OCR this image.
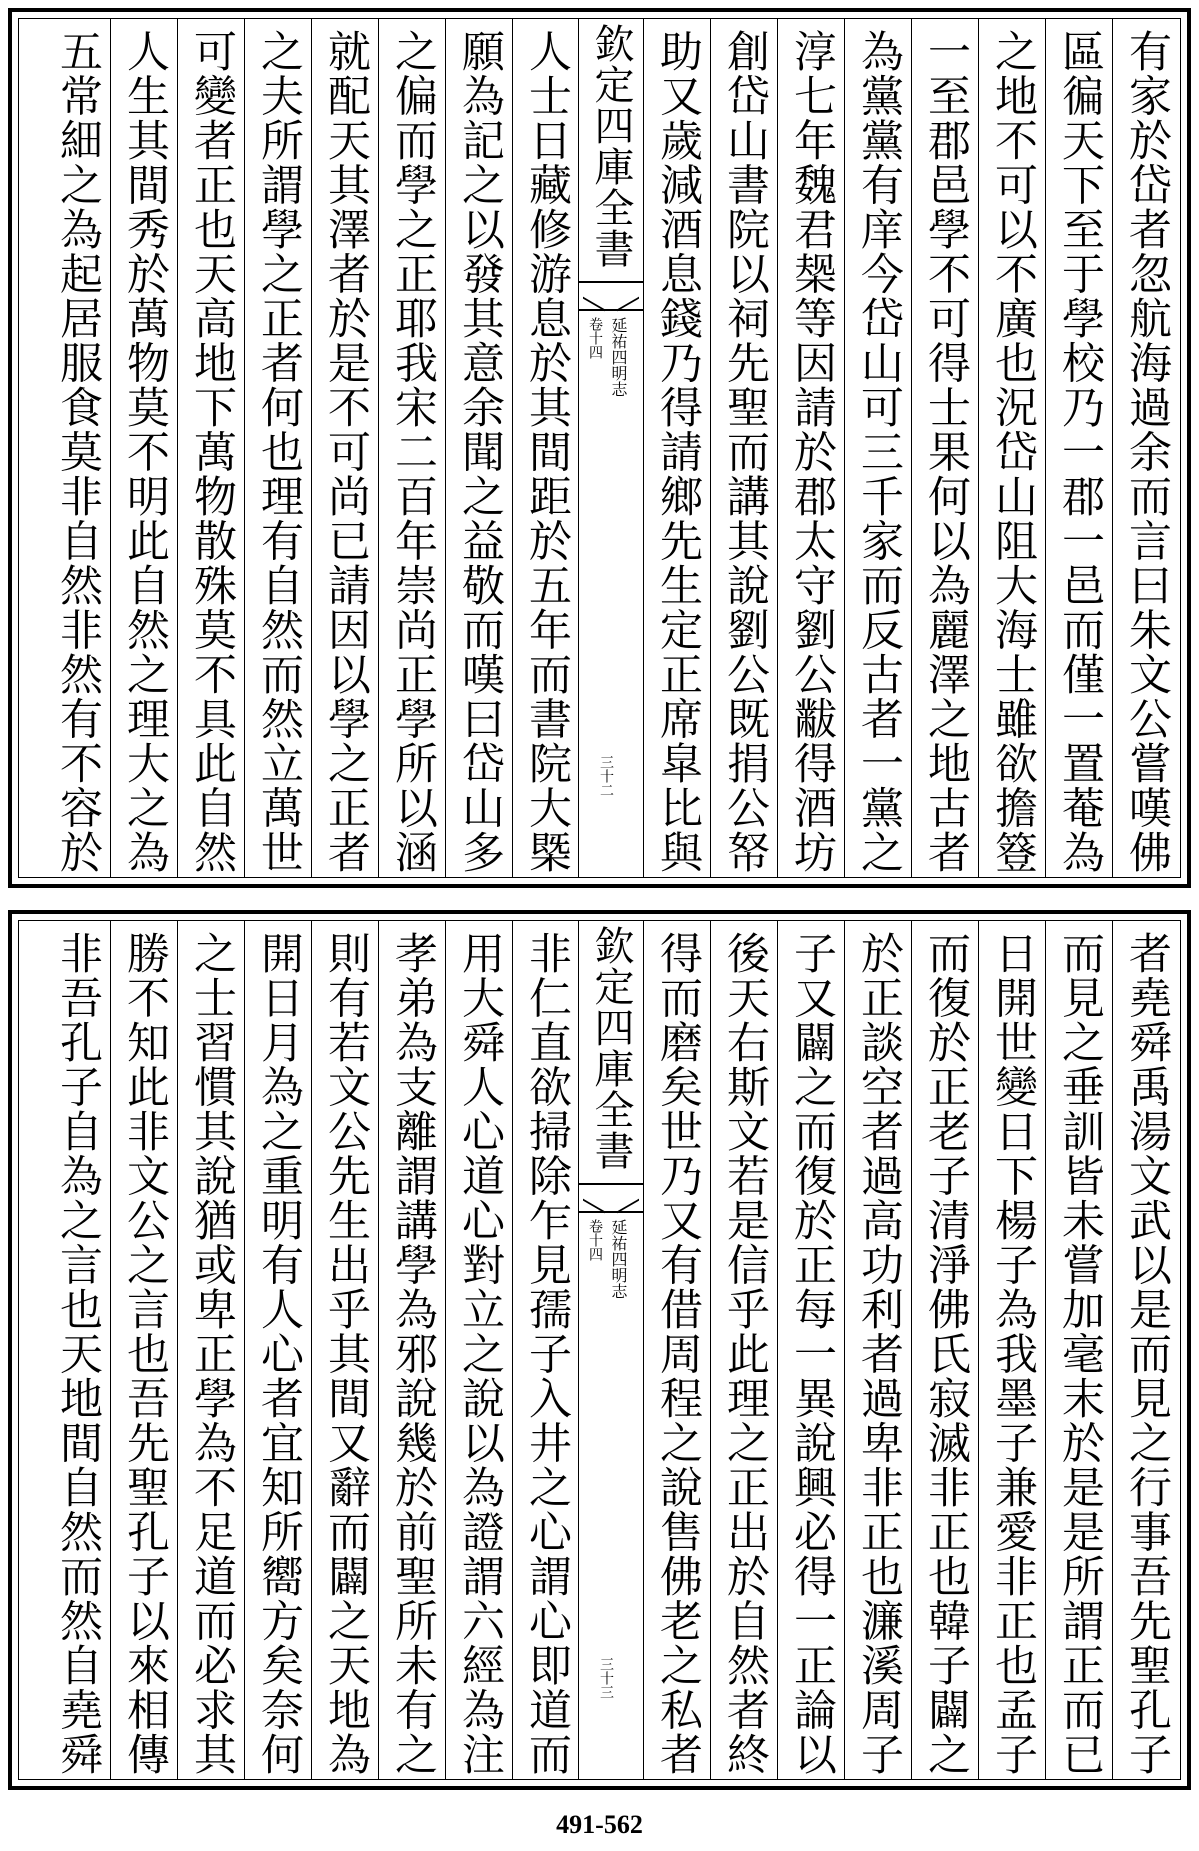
有家於岱者忽航海過余而言曰朱文公嘗嘆佛
區徧天下至于學校乃一郡一邑而僅一置菴為
之地不可以不廣也況岱山阻大海士雖欲擔簦
一至郡邑學不可得士果何以為麗澤之地古者
為黨黨有庠今岱山可三千家而反古者一黨之
淳七年魏君椝等因請於郡太守劉公黻得酒坊
創岱山書院以祠先聖而講其說劉公既捐公帑
助又歲減酒息錢乃得請鄉先生定正席皐比與
欽定四庫全書
延祐四明志
卷十四
三十二
人士日藏修游息於其間距於五年而書院大槩
願為記之以發其意余聞之益敬而嘆曰岱山多
之偏而學之正耶我宋二百年崇尚正學所以涵
就配天其澤者於是不可尚已請因以學之正者
之夫所謂學之正者何也理有自然而然立萬世
可變者正也天高地下萬物散殊莫不具此自然
人生其間秀於萬物莫不明此自然之理大之為
五常細之為起居服食莫非自然非然有不容於
者堯舜禹湯文武以是而見之行事吾先聖孔子
而見之垂訓皆未嘗加毫末於是是所謂正而已
日開世變日下楊子為我墨子兼愛非正也孟子
而復於正老子清淨佛氏寂滅非正也韓子闢之
於正談空者過高功利者過卑非正也濂溪周子
子又闢之而復於正每一異說興必得一正論以
後天右斯文若是信乎此理之正出於自然者終
得而磨矣世乃又有借周程之說售佛老之私者
欽定四庫全書
延祐四明志
卷十四
三十三
非仁直欲掃除乍見孺子入井之心謂心即道而
用大舜人心道心對立之說以為證謂六經為注
孝弟為支離謂講學為邪說幾於前聖所未有之
則有若文公先生出乎其間又辭而闢之天地為
開日月為之重明有人心者宜知所嚮方矣奈何
之士習慣其說猶或卑正學為不足道而必求其
勝不知此非文公之言也吾先聖孔子以來相傳
非吾孔子自為之言也天地間自然而然自堯舜
491-562
